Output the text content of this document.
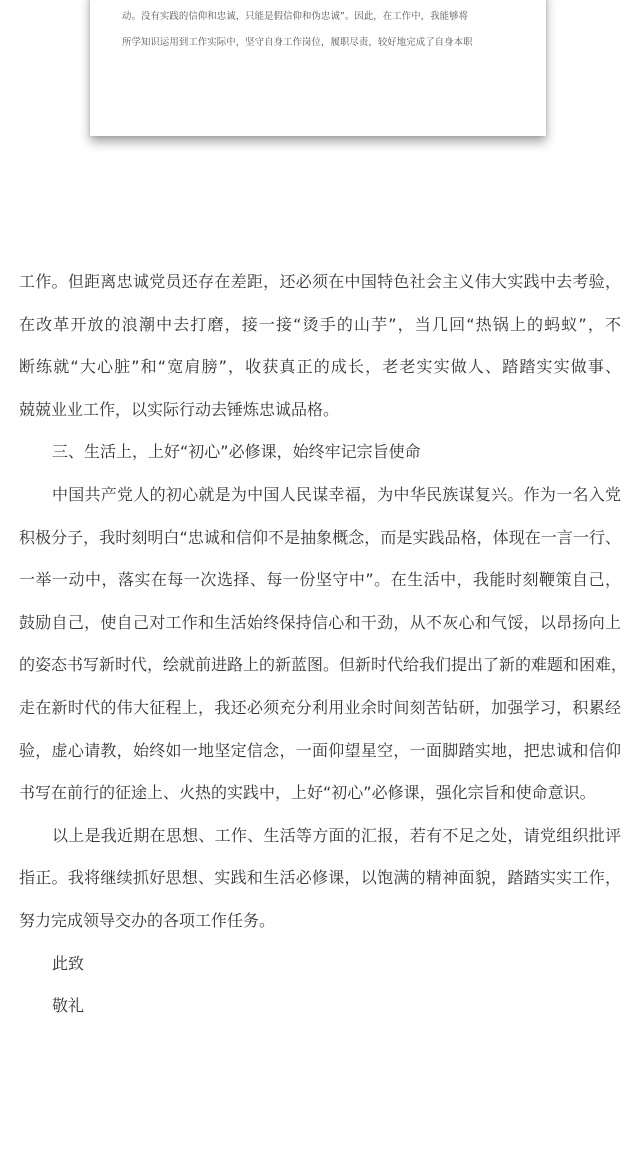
动。没有实践的信仰和忠诚，只能是假信仰和伪忠诚”。因此，在工作中，我能够将
所学知识运用到工作实际中，坚守自身工作岗位，履职尽责，较好地完成了自身本职
工作。但距离忠诚党员还存在差距，还必须在中国特色社会主义伟大实践中去考验，
在改革开放的浪潮中去打磨，接一接“烫手的山芋”，当几回“热锅上的蚂蚁”，不
断练就“大心脏”和“宽肩膀”，收获真正的成长，老老实实做人、踏踏实实做事、
兢兢业业工作，以实际行动去锤炼忠诚品格。
三、生活上，上好“初心”必修课，始终牢记宗旨使命
中国共产党人的初心就是为中国人民谋幸福，为中华民族谋复兴。作为一名入党
积极分子，我时刻明白“忠诚和信仰不是抽象概念，而是实践品格，体现在一言一行、
一举一动中，落实在每一次选择、每一份坚守中”。在生活中，我能时刻鞭策自己，
鼓励自己，使自己对工作和生活始终保持信心和干劲，从不灰心和气馁，以昂扬向上
的姿态书写新时代，绘就前进路上的新蓝图。但新时代给我们提出了新的难题和困难，
走在新时代的伟大征程上，我还必须充分利用业余时间刻苦钻研，加强学习，积累经
验，虚心请教，始终如一地坚定信念，一面仰望星空，一面脚踏实地，把忠诚和信仰
书写在前行的征途上、火热的实践中，上好“初心”必修课，强化宗旨和使命意识。
以上是我近期在思想、工作、生活等方面的汇报，若有不足之处，请党组织批评
指正。我将继续抓好思想、实践和生活必修课，以饱满的精神面貌，踏踏实实工作，
努力完成领导交办的各项工作任务。
此致
敬礼
